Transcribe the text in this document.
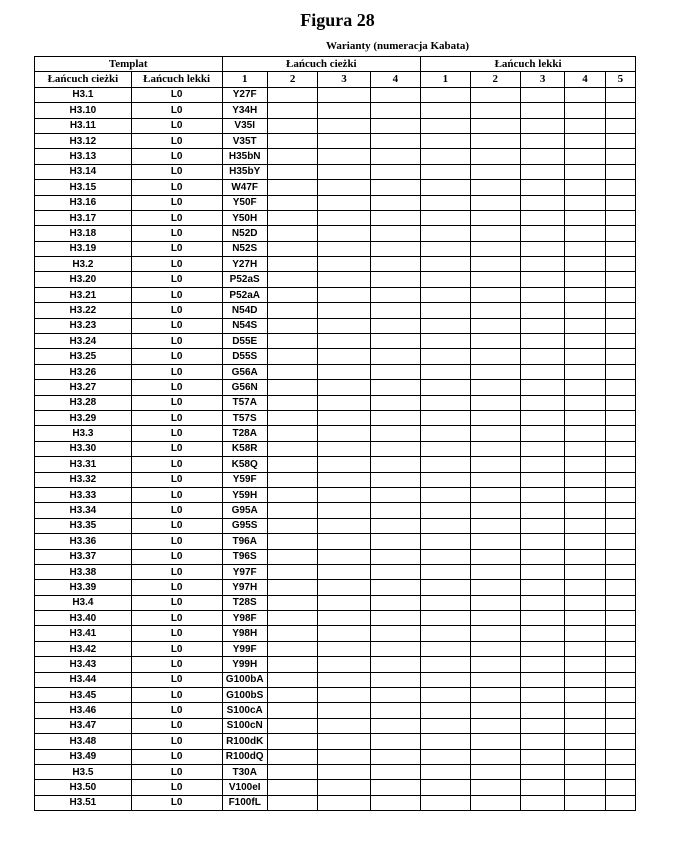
Figura 28
Warianty (numeracja Kabata)
Templat		Łańcuch cieżki				Łańcuch lekki				
Łańcuch cieżki	Łańcuch lekki	1	2	3	4	1	2	3	4	5
H3.1	L0	Y27F								
H3.10	L0	Y34H								
H3.11	L0	V35I								
H3.12	L0	V35T								
H3.13	L0	H35bN								
H3.14	L0	H35bY								
H3.15	L0	W47F								
H3.16	L0	Y50F								
H3.17	L0	Y50H								
H3.18	L0	N52D								
H3.19	L0	N52S								
H3.2	L0	Y27H								
H3.20	L0	P52aS								
H3.21	L0	P52aA								
H3.22	L0	N54D								
H3.23	L0	N54S								
H3.24	L0	D55E								
H3.25	L0	D55S								
H3.26	L0	G56A								
H3.27	L0	G56N								
H3.28	L0	T57A								
H3.29	L0	T57S								
H3.3	L0	T28A								
H3.30	L0	K58R								
H3.31	L0	K58Q								
H3.32	L0	Y59F								
H3.33	L0	Y59H								
H3.34	L0	G95A								
H3.35	L0	G95S								
H3.36	L0	T96A								
H3.37	L0	T96S								
H3.38	L0	Y97F								
H3.39	L0	Y97H								
H3.4	L0	T28S								
H3.40	L0	Y98F								
H3.41	L0	Y98H								
H3.42	L0	Y99F								
H3.43	L0	Y99H								
H3.44	L0	G100bA								
H3.45	L0	G100bS								
H3.46	L0	S100cA								
H3.47	L0	S100cN								
H3.48	L0	R100dK								
H3.49	L0	R100dQ								
H3.5	L0	T30A								
H3.50	L0	V100eI								
H3.51	L0	F100fL								
